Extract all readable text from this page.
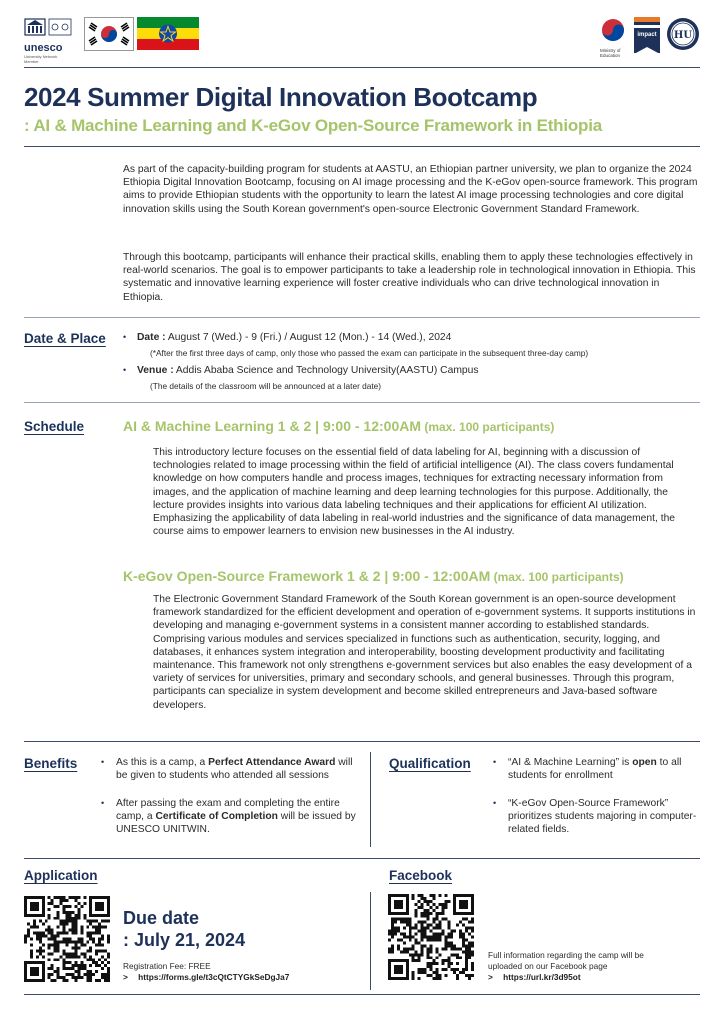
unesco
University Network Member
Ministry of Education
impact	HU
2024 Summer Digital Innovation Bootcamp
: AI & Machine Learning and K-eGov Open-Source Framework in Ethiopia
As part of the capacity-building program for students at AASTU, an Ethiopian partner university, we plan to organize the 2024 Ethiopia Digital Innovation Bootcamp, focusing on AI image processing and the K-eGov open-source framework. This program aims to provide Ethiopian students with the opportunity to learn the latest AI image processing technologies and core digital innovation skills using the South Korean government's open-source Electronic Government Standard Framework.
Through this bootcamp, participants will enhance their practical skills, enabling them to apply these technologies effectively in real-world scenarios. The goal is to empower participants to take a leadership role in technological innovation in Ethiopia. This systematic and innovative learning experience will foster creative individuals who can drive technological innovation in Ethiopia.
Date & Place • Date : August 7 (Wed.) - 9 (Fri.) / August 12 (Mon.) - 14 (Wed.), 2024
(*After the first three days of camp, only those who passed the exam can participate in the subsequent three-day camp)
• Venue : Addis Ababa Science and Technology University(AASTU) Campus
(The details of the classroom will be announced at a later date)
Schedule	AI & Machine Learning 1 & 2 | 9:00 - 12:00AM (max. 100 participants)
This introductory lecture focuses on the essential field of data labeling for AI, beginning with a discussion of technologies related to image processing within the field of artificial intelligence (AI). The class covers fundamental knowledge on how computers handle and process images, techniques for extracting necessary information from images, and the application of machine learning and deep learning technologies for this purpose. Additionally, the lecture provides insights into various data labeling techniques and their applications for efficient AI utilization. Emphasizing the applicability of data labeling in real-world industries and the significance of data management, the course aims to empower learners to envision new businesses in the AI industry.
K-eGov Open-Source Framework 1 & 2 | 9:00 - 12:00AM (max. 100 participants)
The Electronic Government Standard Framework of the South Korean government is an open-source development framework standardized for the efficient development and operation of e-government systems. It supports institutions in developing and managing e-government systems in a consistent manner according to established standards. Comprising various modules and services specialized in functions such as authentication, security, logging, and databases, it enhances system integration and interoperability, boosting development productivity and facilitating maintenance. This framework not only strengthens e-government services but also enables the easy development of a variety of services for universities, primary and secondary schools, and general businesses. Through this program, participants can specialize in system development and become skilled entrepreneurs and Java-based software developers.
Benefits	• As this is a camp, a Perfect Attendance Award will be given to students who attended all sessions
• After passing the exam and completing the entire camp, a Certificate of Completion will be issued by UNESCO UNITWIN.
Qualification • “AI & Machine Learning” is open to all students for enrollment
• “K-eGov Open-Source Framework” prioritizes students majoring in computer-related fields.
Application
Due date
: July 21, 2024
Registration Fee: FREE
> https://forms.gle/t3cQtCTYGkSeDgJa7
Facebook
Full information regarding the camp will be uploaded on our Facebook page
> https://url.kr/3d95ot
